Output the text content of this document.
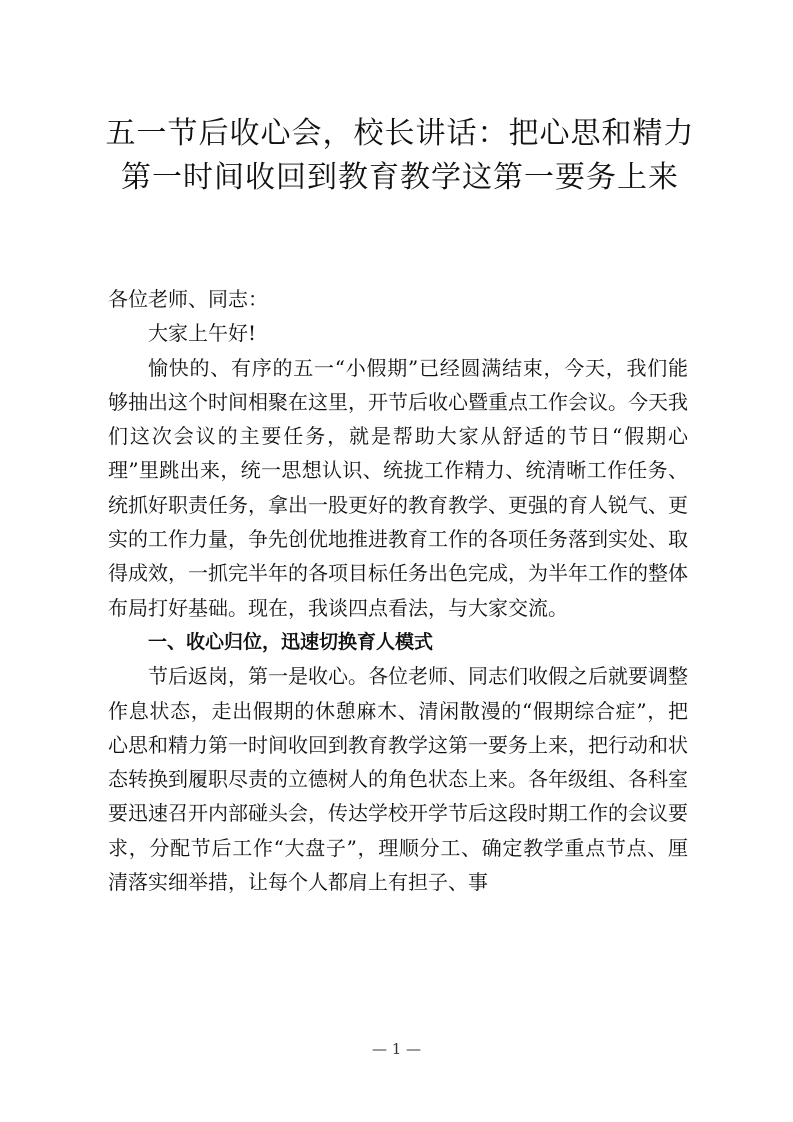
五一节后收心会，校长讲话：把心思和精力第一时间收回到教育教学这第一要务上来

各位老师、同志：

大家上午好!

愉快的、有序的五一“小假期”已经圆满结束，今天，我们能够抽出这个时间相聚在这里，开节后收心暨重点工作会议。今天我们这次会议的主要任务，就是帮助大家从舒适的节日“假期心理”里跳出来，统一思想认识、统拢工作精力、统清晰工作任务、统抓好职责任务，拿出一股更好的教育教学、更强的育人锐气、更实的工作力量，争先创优地推进教育工作的各项任务落到实处、取得成效，一抓完半年的各项目标任务出色完成，为半年工作的整体布局打好基础。现在，我谈四点看法，与大家交流。

一、收心归位，迅速切换育人模式

节后返岗，第一是收心。各位老师、同志们收假之后就要调整作息状态，走出假期的休憩麻木、清闲散漫的“假期综合症”，把心思和精力第一时间收回到教育教学这第一要务上来，把行动和状态转换到履职尽责的立德树人的角色状态上来。各年级组、各科室要迅速召开内部碰头会，传达学校开学节后这段时期工作的会议要求，分配节后工作“大盘子”，理顺分工、确定教学重点节点、厘清落实细举措，让每个人都肩上有担子、事

— 1 —
